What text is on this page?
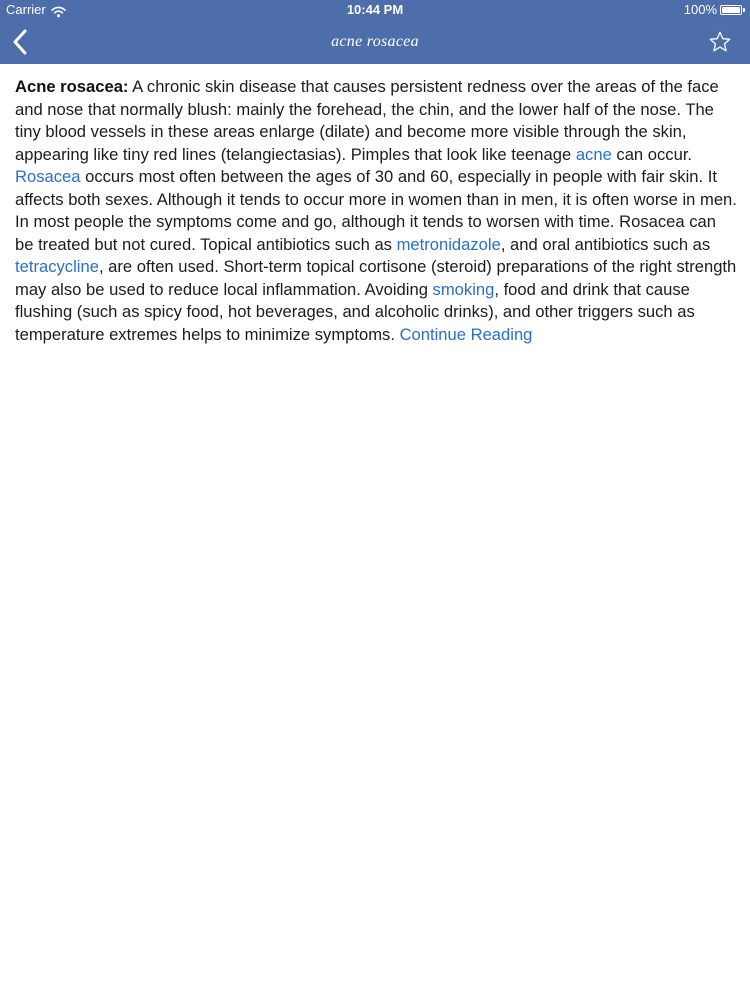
Carrier	10:44 PM	100%
acne rosacea

Acne rosacea: A chronic skin disease that causes persistent redness over the areas of the face and nose that normally blush: mainly the forehead, the chin, and the lower half of the nose. The tiny blood vessels in these areas enlarge (dilate) and become more visible through the skin, appearing like tiny red lines (telangiectasias). Pimples that look like teenage acne can occur. Rosacea occurs most often between the ages of 30 and 60, especially in people with fair skin. It affects both sexes. Although it tends to occur more in women than in men, it is often worse in men. In most people the symptoms come and go, although it tends to worsen with time. Rosacea can be treated but not cured. Topical antibiotics such as metronidazole, and oral antibiotics such as tetracycline, are often used. Short-term topical cortisone (steroid) preparations of the right strength may also be used to reduce local inflammation. Avoiding smoking, food and drink that cause flushing (such as spicy food, hot beverages, and alcoholic drinks), and other triggers such as temperature extremes helps to minimize symptoms. Continue Reading
